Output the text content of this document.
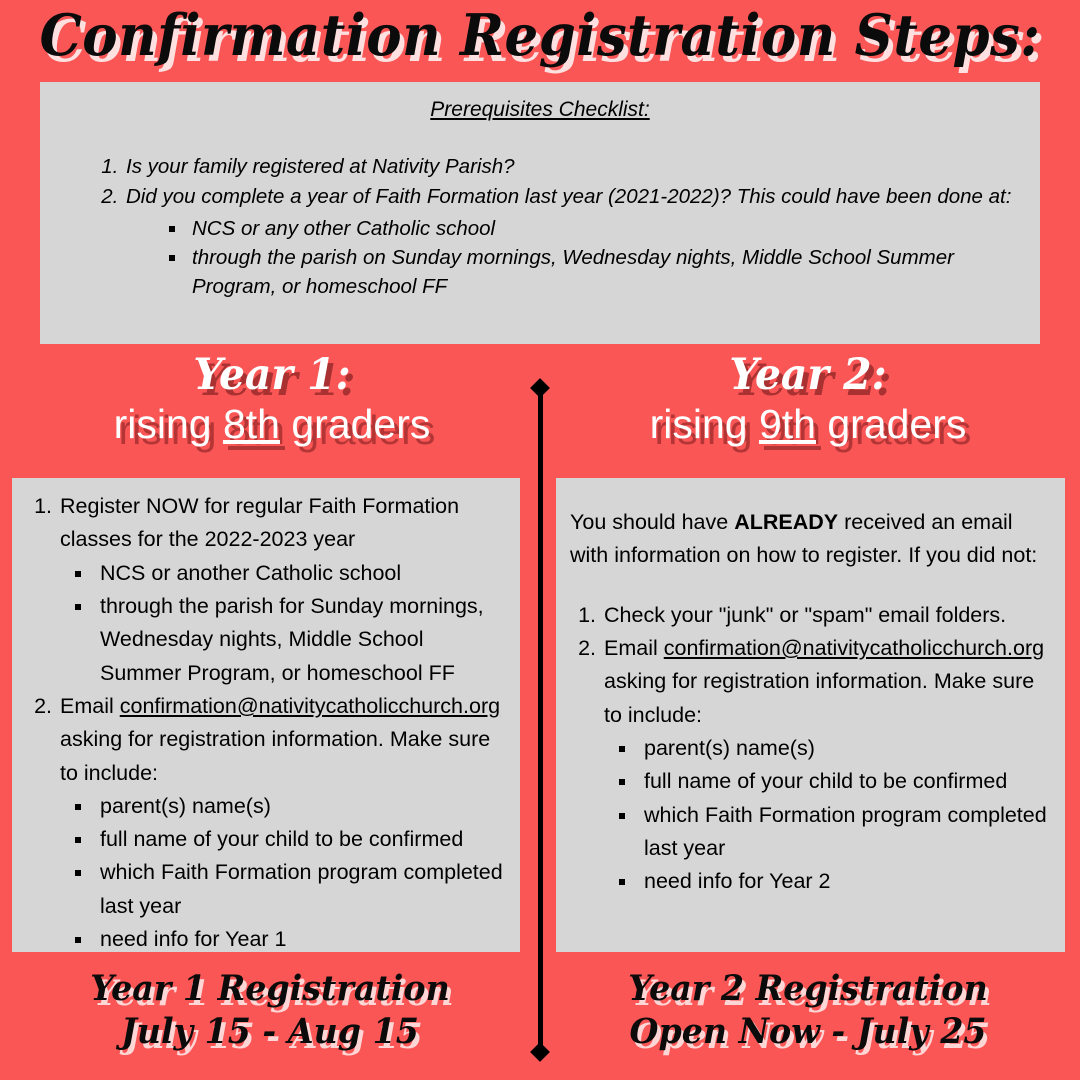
Confirmation Registration Steps:
Prerequisites Checklist:
1. Is your family registered at Nativity Parish?
2. Did you complete a year of Faith Formation last year (2021-2022)? This could have been done at:
▪ NCS or any other Catholic school
▪ through the parish on Sunday mornings, Wednesday nights, Middle School Summer Program, or homeschool FF
Year 1:
rising 8th graders
Year 2:
rising 9th graders
1. Register NOW for regular Faith Formation classes for the 2022-2023 year
▪ NCS or another Catholic school
▪ through the parish for Sunday mornings, Wednesday nights, Middle School Summer Program, or homeschool FF
2. Email confirmation@nativitycatholicchurch.org asking for registration information. Make sure to include:
▪ parent(s) name(s)
▪ full name of your child to be confirmed
▪ which Faith Formation program completed last year
▪ need info for Year 1

You should have ALREADY received an email with information on how to register. If you did not:

1. Check your "junk" or "spam" email folders.
2. Email confirmation@nativitycatholicchurch.org asking for registration information. Make sure to include:
▪ parent(s) name(s)
▪ full name of your child to be confirmed
▪ which Faith Formation program completed last year
▪ need info for Year 2
Year 1 Registration
July 15 - Aug 15
Year 2 Registration
Open Now - July 25
